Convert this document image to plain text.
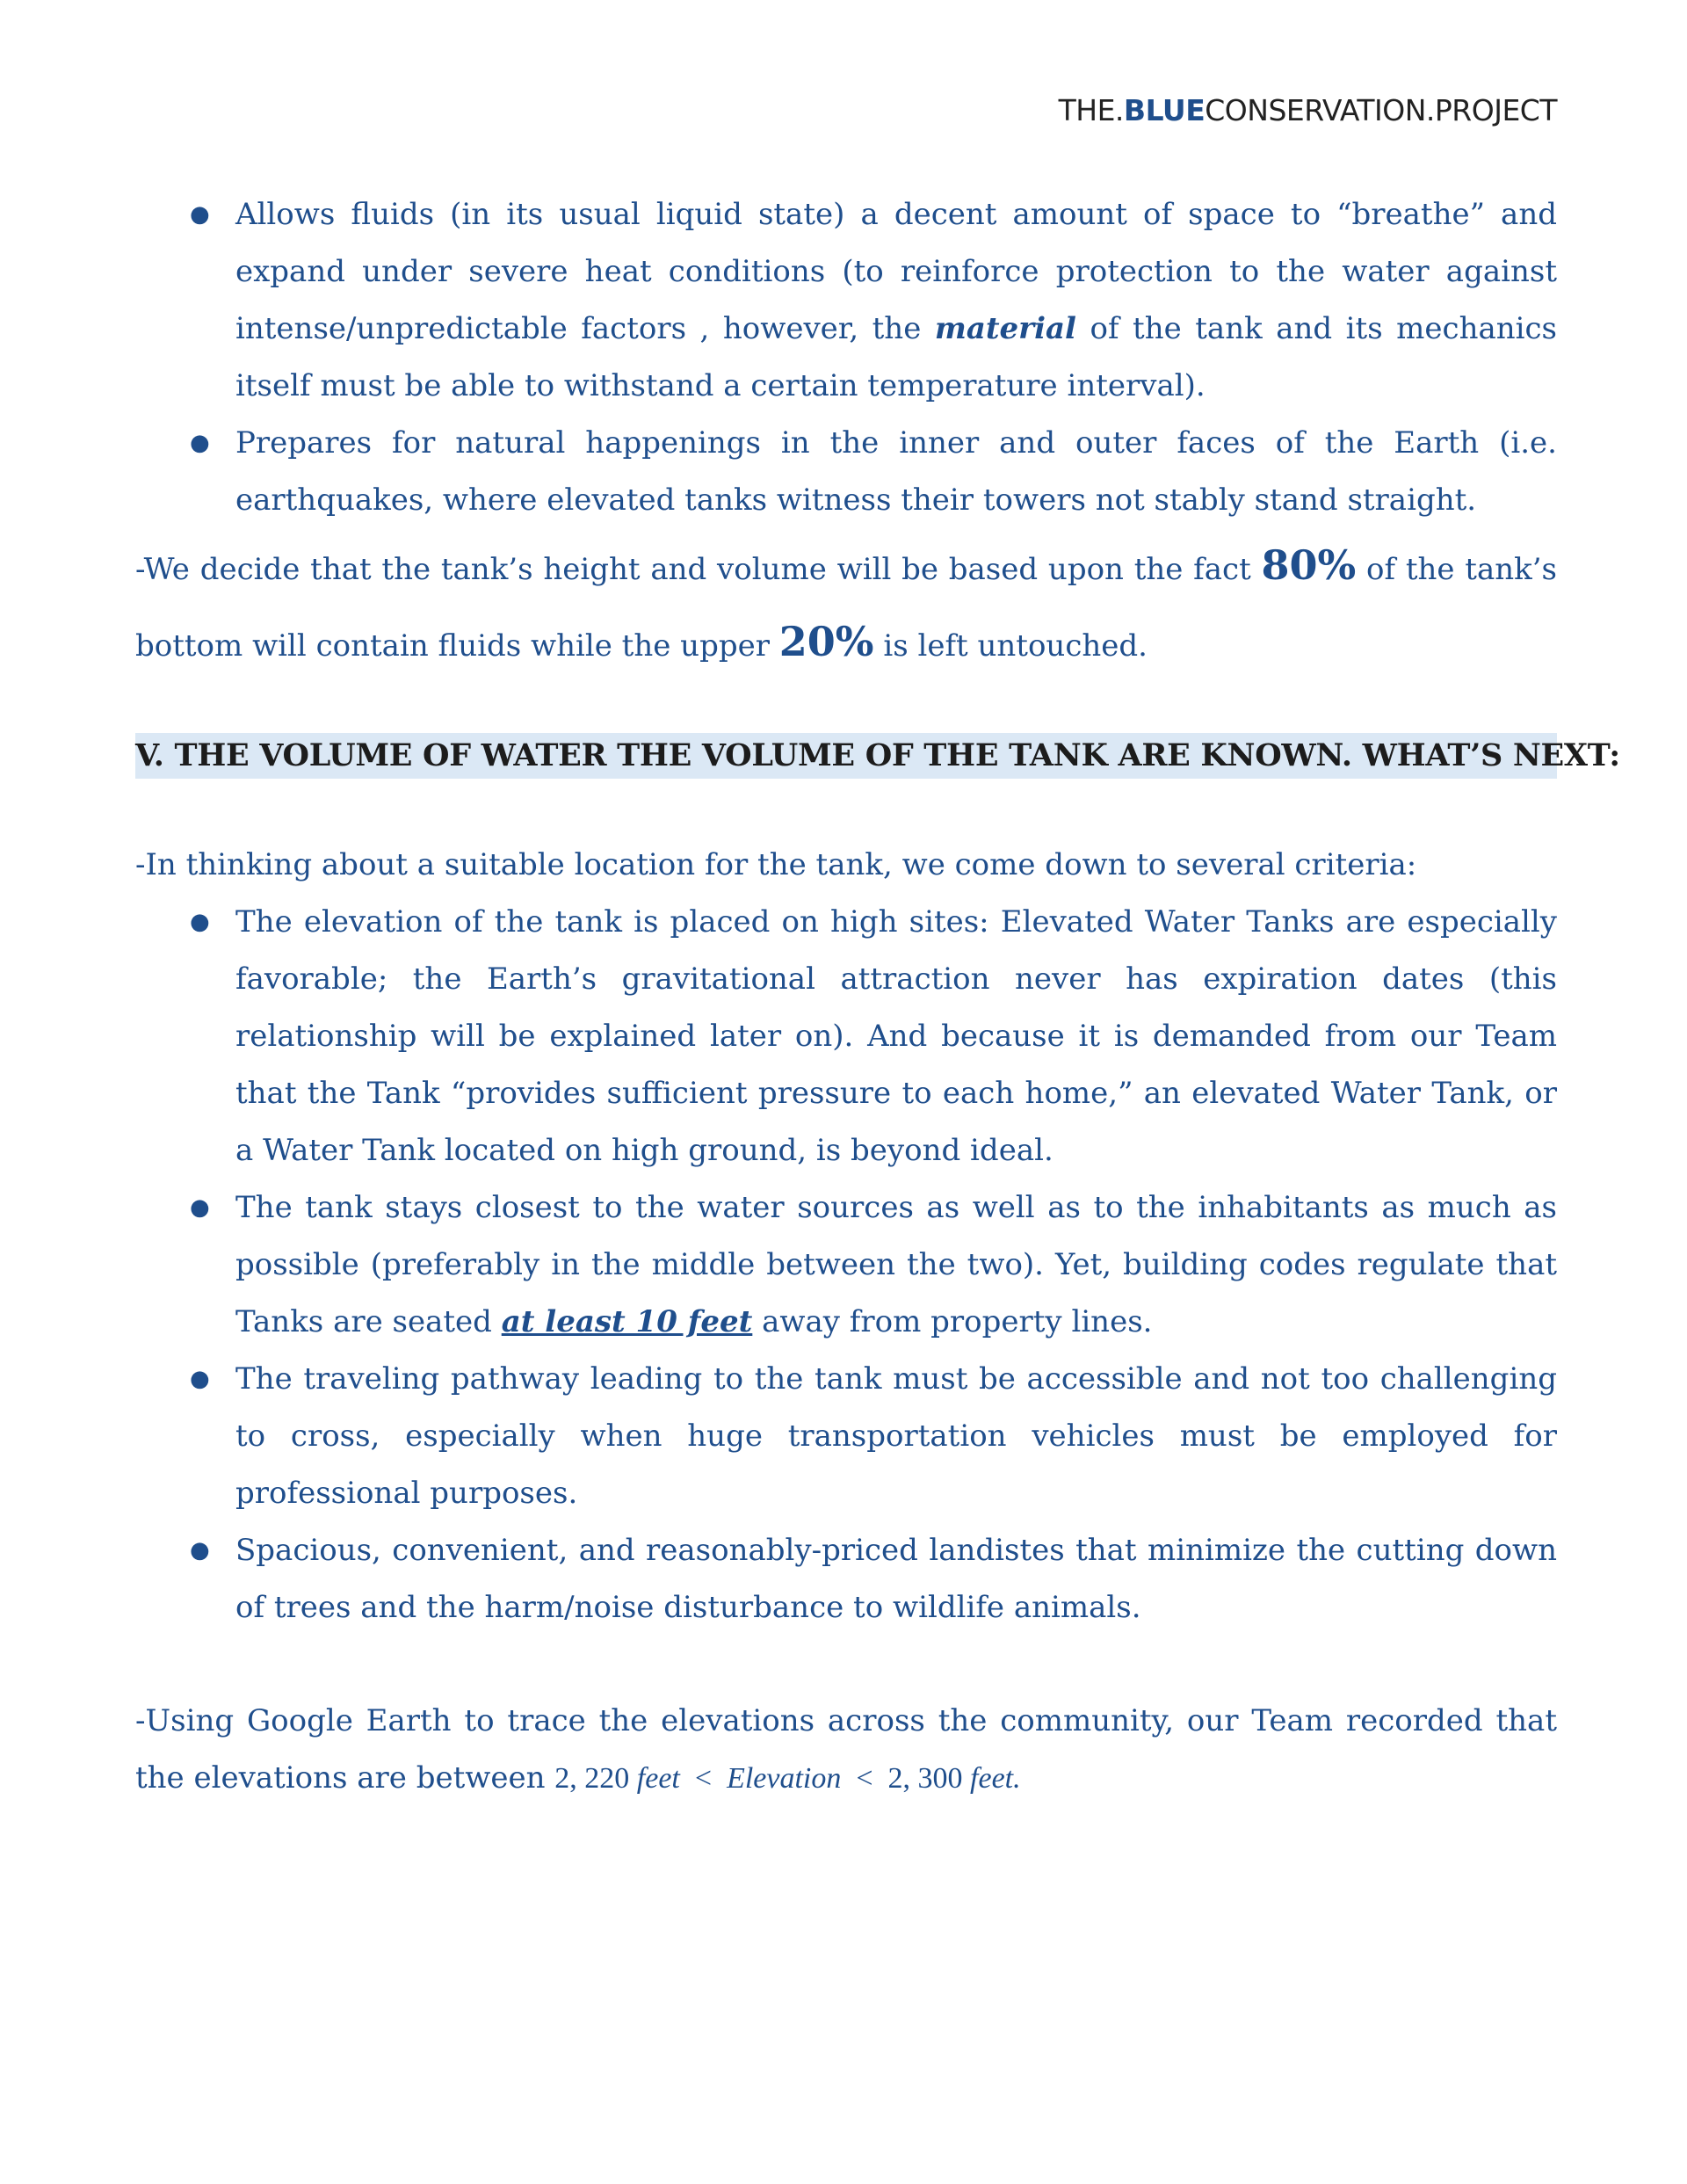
THE.BLUECONSERVATION.PROJECT
● Allows fluids (in its usual liquid state) a decent amount of space to “breathe” and expand under severe heat conditions (to reinforce protection to the water against intense/unpredictable factors , however, the material of the tank and its mechanics itself must be able to withstand a certain temperature interval).
● Prepares for natural happenings in the inner and outer faces of the Earth (i.e. earthquakes, where elevated tanks witness their towers not stably stand straight.
-We decide that the tank’s height and volume will be based upon the fact 80% of the tank’s bottom will contain fluids while the upper 20% is left untouched.
V. THE VOLUME OF WATER THE VOLUME OF THE TANK ARE KNOWN. WHAT’S NEXT:
-In thinking about a suitable location for the tank, we come down to several criteria:
● The elevation of the tank is placed on high sites: Elevated Water Tanks are especially favorable; the Earth’s gravitational attraction never has expiration dates (this relationship will be explained later on). And because it is demanded from our Team that the Tank “provides sufficient pressure to each home,” an elevated Water Tank, or a Water Tank located on high ground, is beyond ideal.
● The tank stays closest to the water sources as well as to the inhabitants as much as possible (preferably in the middle between the two). Yet, building codes regulate that Tanks are seated at least 10 feet away from property lines.
● The traveling pathway leading to the tank must be accessible and not too challenging to cross, especially when huge transportation vehicles must be employed for professional purposes.
● Spacious, convenient, and reasonably-priced landistes that minimize the cutting down of trees and the harm/noise disturbance to wildlife animals.
-Using Google Earth to trace the elevations across the community, our Team recorded that the elevations are between 2, 220 feet < Elevation < 2, 300 feet.
